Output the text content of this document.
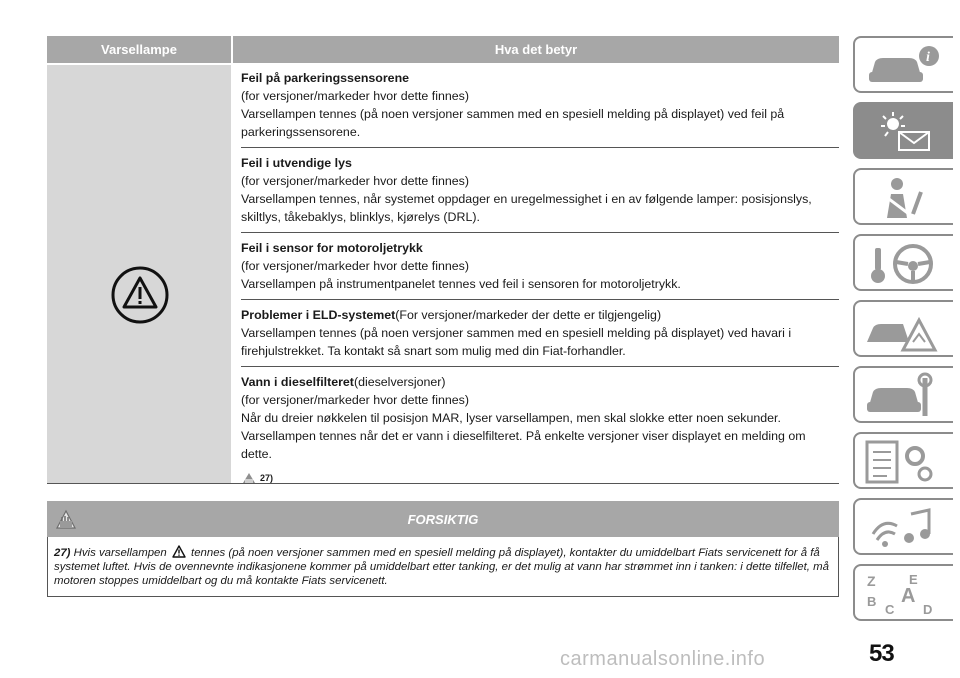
Varsellampe	Hva det betyr

Feil på parkeringssensorene

(for versjoner/markeder hvor dette finnes)

Varsellampen tennes (på noen versjoner sammen med en spesiell melding på displayet) ved feil på parkeringssensorene.

Feil i utvendige lys

(for versjoner/markeder hvor dette finnes)

Varsellampen tennes, når systemet oppdager en uregelmessighet i en av følgende lamper: posisjonslys, skiltlys, tåkebaklys, blinklys, kjørelys (DRL).

Feil i sensor for motoroljetrykk

(for versjoner/markeder hvor dette finnes)

Varsellampen på instrumentpanelet tennes ved feil i sensoren for motoroljetrykk.

Problemer i ELD-systemet(For versjoner/markeder der dette er tilgjengelig)

Varsellampen tennes (på noen versjoner sammen med en spesiell melding på displayet) ved havari i firehjulstrekket. Ta kontakt så snart som mulig med din Fiat-forhandler.

Vann i dieselfilteret(dieselversjoner)

(for versjoner/markeder hvor dette finnes)

Når du dreier nøkkelen til posisjon MAR, lyser varsellampen, men skal slokke etter noen sekunder.

Varsellampen tennes når det er vann i dieselfilteret. På enkelte versjoner viser displayet en melding om dette.

27)
FORSIKTIG
27) Hvis varsellampen tennes (på noen versjoner sammen med en spesiell melding på displayet), kontakter du umiddelbart Fiats servicenett for å få systemet luftet. Hvis de ovennevnte indikasjonene kommer på umiddelbart etter tanking, er det mulig at vann har strømmet inn i tanken: i dette tilfellet, må motoren stoppes umiddelbart og du må kontakte Fiats servicenett.
i
Z	E
B A
C D
53
carmanualsonline.info
